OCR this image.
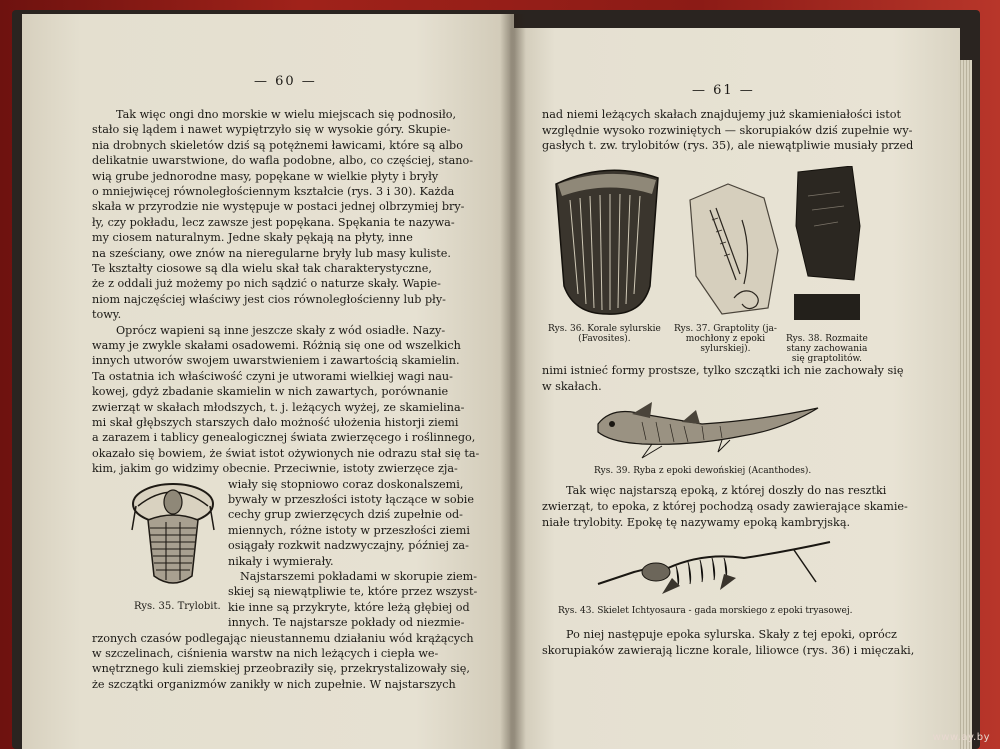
— 60 —
Tak więc ongi dno morskie w wielu miejscach się podnosiło,
stało się lądem i nawet wypiętrzyło się w wysokie góry. Skupie-
nia drobnych skieletów dziś są potężnemi ławicami, które są albo
delikatnie uwarstwione, do wafla podobne, albo, co częściej, stano-
wią grube jednorodne masy, popękane w wielkie płyty i bryły
o mniejwięcej równoległościennym kształcie (rys. 3 i 30). Każda
skała w przyrodzie nie występuje w postaci jednej olbrzymiej bry-
ły, czy pokładu, lecz zawsze jest popękana. Spękania te nazywa-
my ciosem naturalnym. Jedne skały pękają na płyty, inne
na sześciany, owe znów na nieregularne bryły lub masy kuliste.
Te kształty ciosowe są dla wielu skał tak charakterystyczne,
że z oddali już możemy po nich sądzić o naturze skały. Wapie-
niom najczęściej właściwy jest cios równoległościenny lub pły-
towy.
Oprócz wapieni są inne jeszcze skały z wód osiadłe. Nazy-
wamy je zwykle skałami osadowemi. Różnią się one od wszelkich
innych utworów swojem uwarstwieniem i zawartością skamielin.
Ta ostatnia ich właściwość czyni je utworami wielkiej wagi nau-
kowej, gdyż zbadanie skamielin w nich zawartych, porównanie
zwierząt w skałach młodszych, t. j. leżących wyżej, ze skamielina-
mi skał głębszych starszych dało możność ułożenia historji ziemi
a zarazem i tablicy genealogicznej świata zwierzęcego i roślinnego,
okazało się bowiem, że świat istot ożywionych nie odrazu stał się ta-
kim, jakim go widzimy obecnie. Przeciwnie, istoty zwierzęce zja-
wiały się stopniowo coraz doskonalszemi,
bywały w przeszłości istoty łączące w sobie
cechy grup zwierzęcych dziś zupełnie od-
miennych, różne istoty w przeszłości ziemi
osiągały rozkwit nadzwyczajny, później za-
nikały i wymierały.
Najstarszemi pokładami w skorupie ziem-
skiej są niewątpliwie te, które przez wszyst-
kie inne są przykryte, które leżą głębiej od
innych. Te najstarsze pokłady od niezmie-
rzonych czasów podlegając nieustannemu działaniu wód krążących
w szczelinach, ciśnienia warstw na nich leżących i ciepła we-
wnętrznego kuli ziemskiej przeobraziły się, przekrystalizowały się,
że szczątki organizmów zanikły w nich zupełnie. W najstarszych
Rys. 35. Trylobit.
— 61 —
nad niemi leżących skałach znajdujemy już skamieniałości istot
względnie wysoko rozwiniętych — skorupiaków dziś zupełnie wy-
gasłych t. zw. trylobitów (rys. 35), ale niewątpliwie musiały przed
Rys. 36. Korale sylurskie
(Favosites).
Rys. 37. Graptolity (ja-
mochłony z epoki
sylurskiej).
Rys. 38. Rozmaite
stany zachowania
się graptolitów.
nimi istnieć formy prostsze, tylko szczątki ich nie zachowały się
w skałach.
Rys. 39. Ryba z epoki dewońskiej (Acanthodes).
Tak więc najstarszą epoką, z której doszły do nas resztki
zwierząt, to epoka, z której pochodzą osady zawierające skamie-
niałe trylobity. Epokę tę nazywamy epoką kambryjską.
Rys. 43. Skielet Ichtyosaura - gada morskiego z epoki tryasowej.
Po niej następuje epoka sylurska. Skały z tej epoki, oprócz
skorupiaków zawierają liczne korale, liliowce (rys. 36) i mięczaki,
www.ay.by
